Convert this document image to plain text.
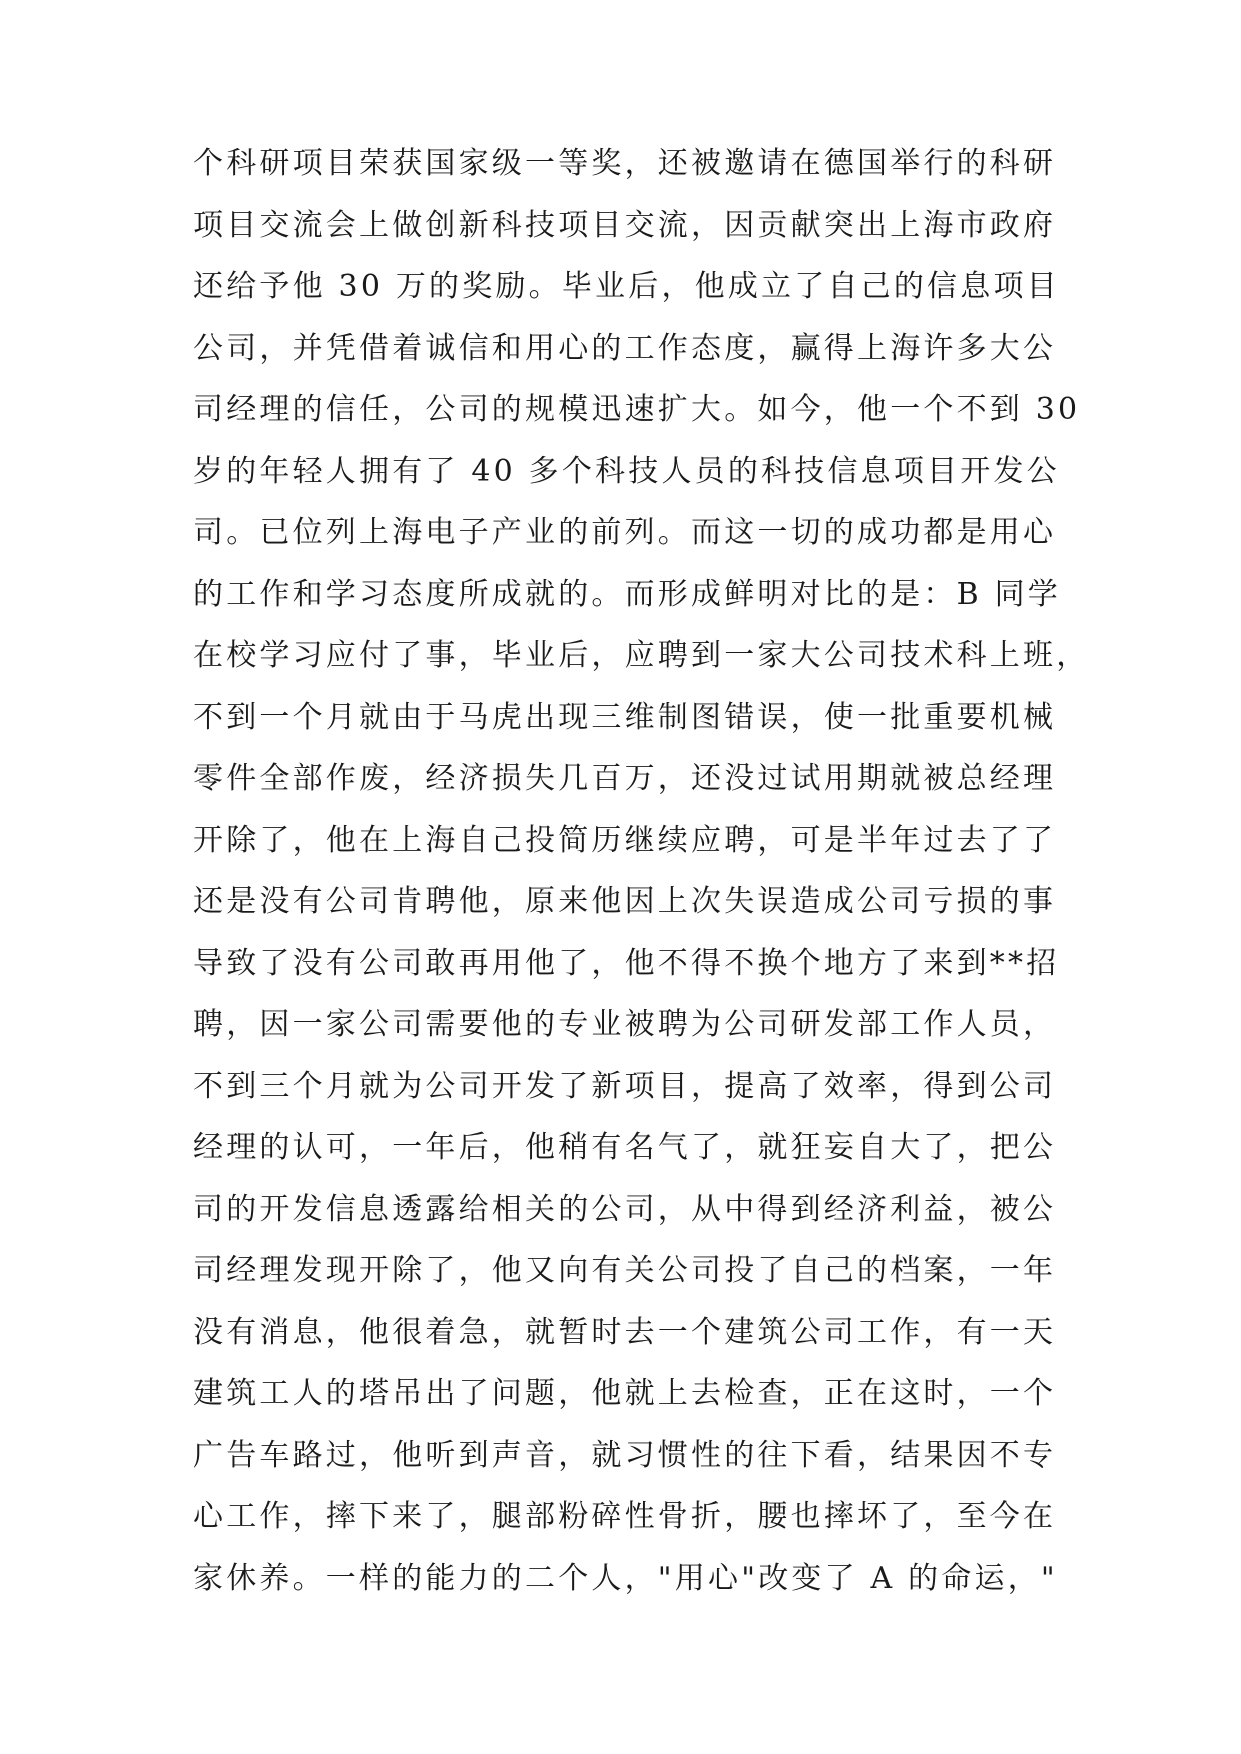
个科研项目荣获国家级一等奖，还被邀请在德国举行的科研
项目交流会上做创新科技项目交流，因贡献突出上海市政府
还给予他 30 万的奖励。毕业后，他成立了自己的信息项目
公司，并凭借着诚信和用心的工作态度，赢得上海许多大公
司经理的信任，公司的规模迅速扩大。如今，他一个不到 30
岁的年轻人拥有了 40 多个科技人员的科技信息项目开发公
司。已位列上海电子产业的前列。而这一切的成功都是用心
的工作和学习态度所成就的。而形成鲜明对比的是：B 同学
在校学习应付了事，毕业后，应聘到一家大公司技术科上班，
不到一个月就由于马虎出现三维制图错误，使一批重要机械
零件全部作废，经济损失几百万，还没过试用期就被总经理
开除了，他在上海自己投简历继续应聘，可是半年过去了了
还是没有公司肯聘他，原来他因上次失误造成公司亏损的事
导致了没有公司敢再用他了，他不得不换个地方了来到**招
聘，因一家公司需要他的专业被聘为公司研发部工作人员，
不到三个月就为公司开发了新项目，提高了效率，得到公司
经理的认可，一年后，他稍有名气了，就狂妄自大了，把公
司的开发信息透露给相关的公司，从中得到经济利益，被公
司经理发现开除了，他又向有关公司投了自己的档案，一年
没有消息，他很着急，就暂时去一个建筑公司工作，有一天
建筑工人的塔吊出了问题，他就上去检查，正在这时，一个
广告车路过，他听到声音，就习惯性的往下看，结果因不专
心工作，摔下来了，腿部粉碎性骨折，腰也摔坏了，至今在
家休养。一样的能力的二个人，"用心"改变了 A 的命运，"
